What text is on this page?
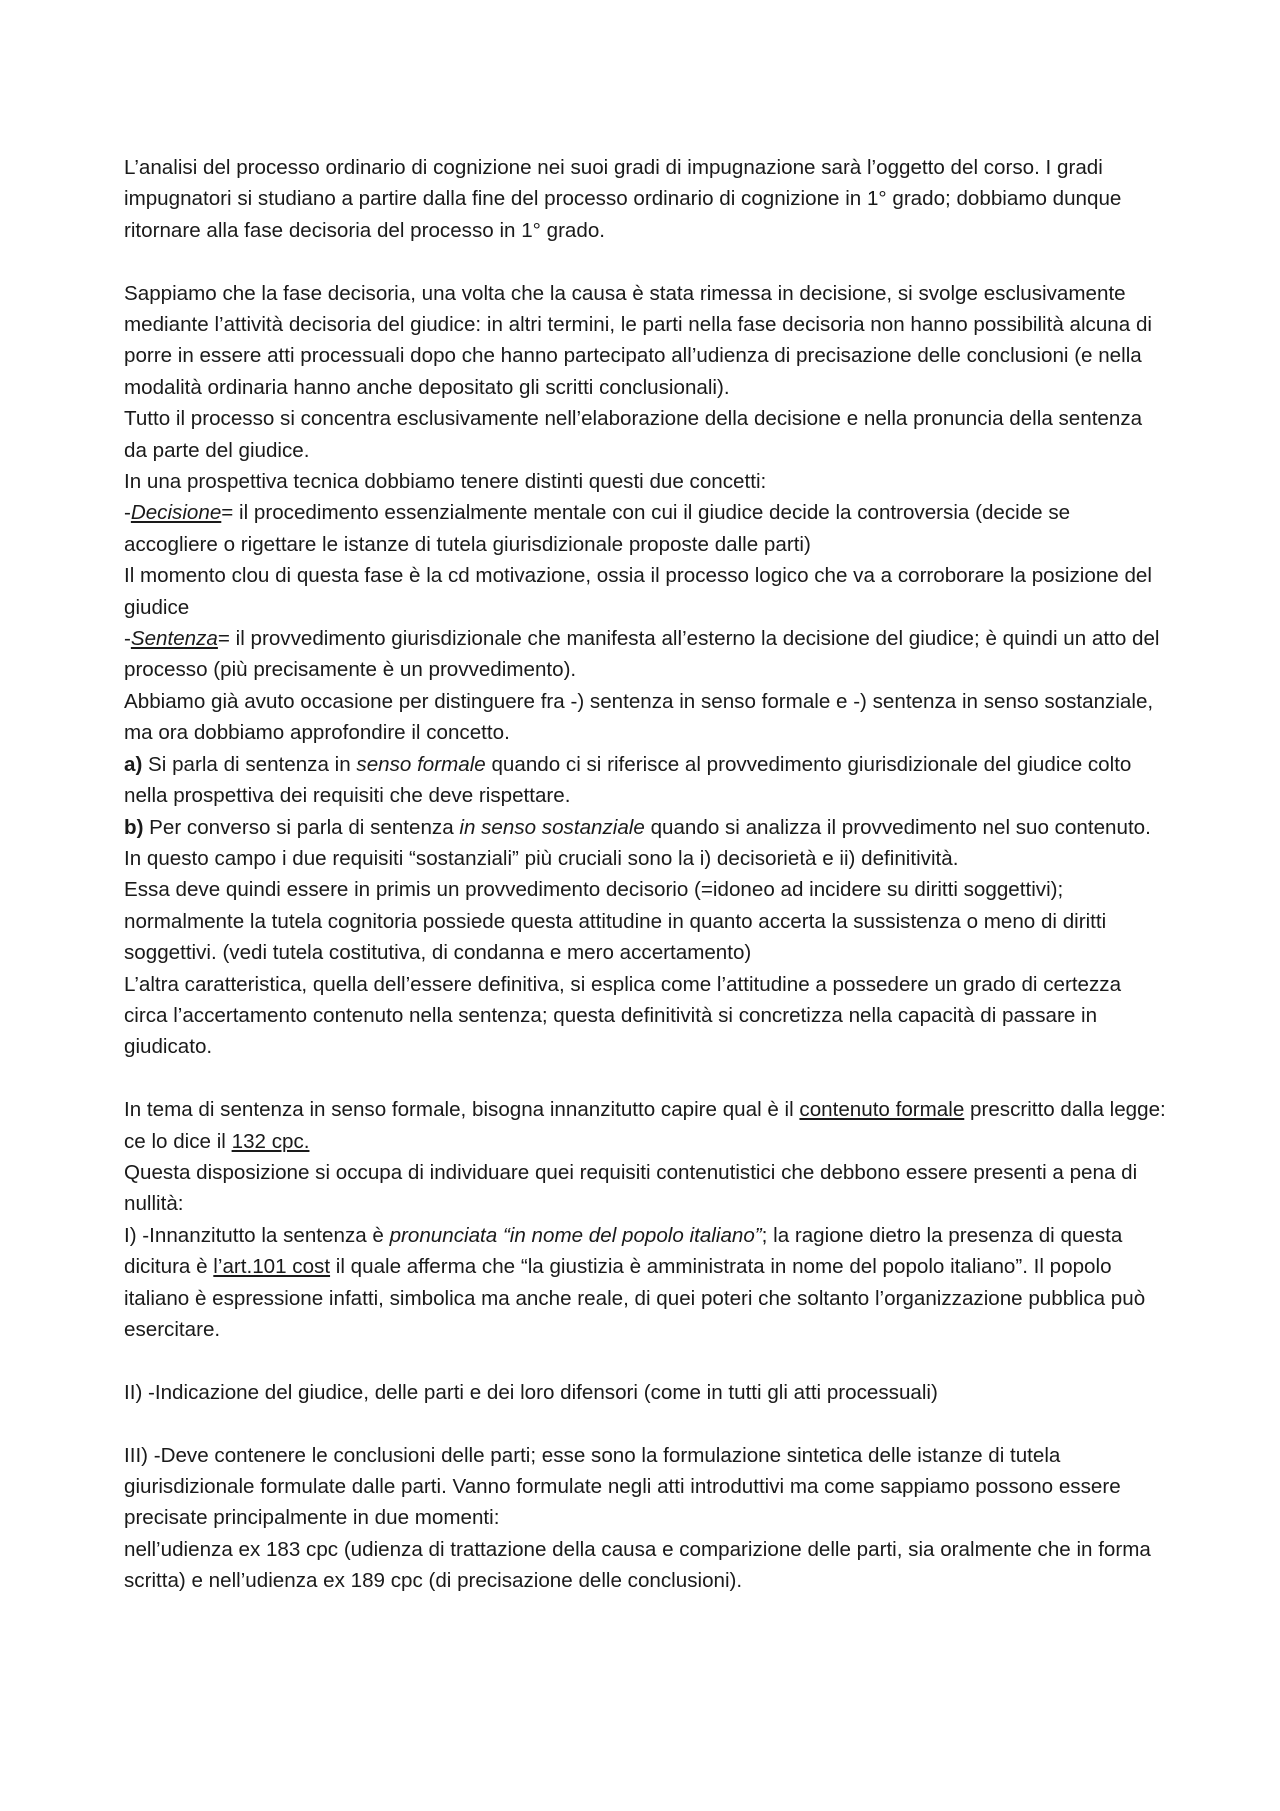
L’analisi del processo ordinario di cognizione nei suoi gradi di impugnazione sarà l’oggetto del corso. I gradi impugnatori si studiano a partire dalla fine del processo ordinario di cognizione in 1° grado; dobbiamo dunque ritornare alla fase decisoria del processo in 1° grado.

Sappiamo che la fase decisoria, una volta che la causa è stata rimessa in decisione, si svolge esclusivamente mediante l’attività decisoria del giudice: in altri termini, le parti nella fase decisoria non hanno possibilità alcuna di porre in essere atti processuali dopo che hanno partecipato all’udienza di precisazione delle conclusioni (e nella modalità ordinaria hanno anche depositato gli scritti conclusionali).

Tutto il processo si concentra esclusivamente nell’elaborazione della decisione e nella pronuncia della sentenza da parte del giudice.

In una prospettiva tecnica dobbiamo tenere distinti questi due concetti:

-Decisione= il procedimento essenzialmente mentale con cui il giudice decide la controversia (decide se accogliere o rigettare le istanze di tutela giurisdizionale proposte dalle parti)

Il momento clou di questa fase è la cd motivazione, ossia il processo logico che va a corroborare la posizione del giudice

-Sentenza= il provvedimento giurisdizionale che manifesta all’esterno la decisione del giudice; è quindi un atto del processo (più precisamente è un provvedimento).

Abbiamo già avuto occasione per distinguere fra -) sentenza in senso formale e -) sentenza in senso sostanziale, ma ora dobbiamo approfondire il concetto.

a) Si parla di sentenza in senso formale quando ci si riferisce al provvedimento giurisdizionale del giudice colto nella prospettiva dei requisiti che deve rispettare.

b) Per converso si parla di sentenza in senso sostanziale quando si analizza il provvedimento nel suo contenuto. In questo campo i due requisiti “sostanziali” più cruciali sono la i) decisorietà e ii) definitività.

Essa deve quindi essere in primis un provvedimento decisorio (=idoneo ad incidere su diritti soggettivi); normalmente la tutela cognitoria possiede questa attitudine in quanto accerta la sussistenza o meno di diritti soggettivi. (vedi tutela costitutiva, di condanna e mero accertamento)

L’altra caratteristica, quella dell’essere definitiva, si esplica come l’attitudine a possedere un grado di certezza circa l’accertamento contenuto nella sentenza; questa definitività si concretizza nella capacità di passare in giudicato.

In tema di sentenza in senso formale, bisogna innanzitutto capire qual è il contenuto formale prescritto dalla legge: ce lo dice il 132 cpc.

Questa disposizione si occupa di individuare quei requisiti contenutistici che debbono essere presenti a pena di nullità:

I) -Innanzitutto la sentenza è pronunciata “in nome del popolo italiano”; la ragione dietro la presenza di questa dicitura è l’art.101 cost il quale afferma che “la giustizia è amministrata in nome del popolo italiano”. Il popolo italiano è espressione infatti, simbolica ma anche reale, di quei poteri che soltanto l’organizzazione pubblica può esercitare.

II) -Indicazione del giudice, delle parti e dei loro difensori (come in tutti gli atti processuali)

III) -Deve contenere le conclusioni delle parti; esse sono la formulazione sintetica delle istanze di tutela giurisdizionale formulate dalle parti. Vanno formulate negli atti introduttivi ma come sappiamo possono essere precisate principalmente in due momenti:

nell’udienza ex 183 cpc (udienza di trattazione della causa e comparizione delle parti, sia oralmente che in forma scritta) e nell’udienza ex 189 cpc (di precisazione delle conclusioni).
